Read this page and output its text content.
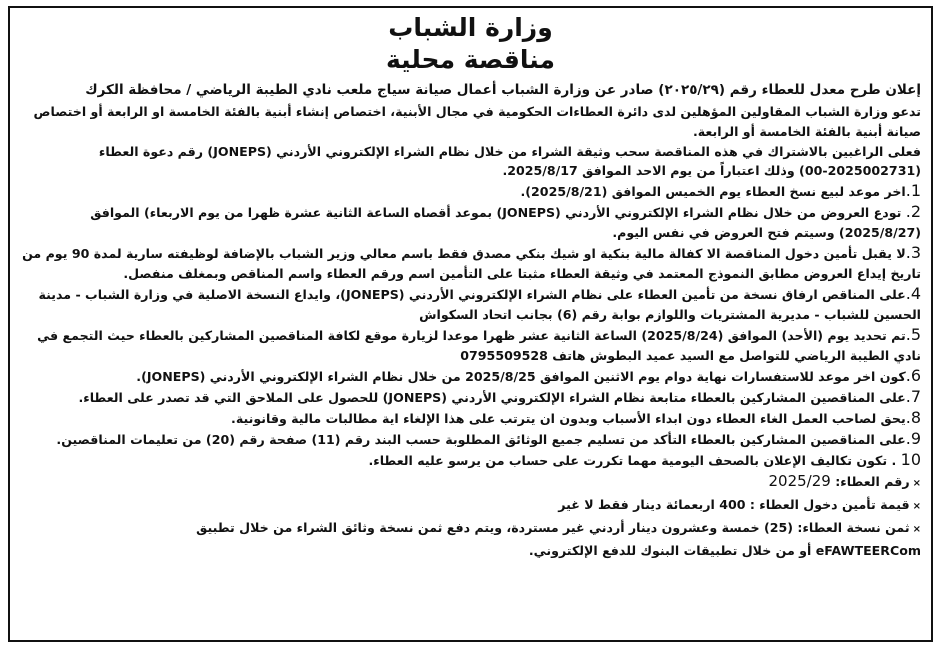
وزارة الشباب
مناقصة محلية
إعلان طرح معدل للعطاء رقم (٢٠٢٥/٢٩) صادر عن وزارة الشباب أعمال صيانة سياج ملعب نادي الطيبة الرياضي / محافظة الكرك
تدعو وزارة الشباب المقاولين المؤهلين لدى دائرة العطاءات الحكومية في مجال الأبنية، اختصاص إنشاء أبنية بالفئة الخامسة او الرابعة أو اختصاص صيانة أبنية بالفئة الخامسة أو الرابعة.
فعلى الراغبين بالاشتراك في هذه المناقصة سحب وثيقة الشراء من خلال نظام الشراء الإلكتروني الأردني (JONEPS) رقم دعوة العطاء (2025002731-00) وذلك اعتباراً من يوم الاحد الموافق 2025/8/17.
1.اخر موعد لبيع نسخ العطاء يوم الخميس الموافق (2025/8/21).
2. تودع العروض من خلال نظام الشراء الإلكتروني الأردني (JONEPS) بموعد أقصاه الساعة الثانية عشرة ظهرا من يوم الاربعاء) الموافق (2025/8/27) وسيتم فتح العروض في نفس اليوم.
3.لا يقبل تأمين دخول المناقصة الا كفالة مالية بنكية او شيك بنكي مصدق فقط باسم معالي وزير الشباب بالإضافة لوظيفته سارية لمدة 90 يوم من تاريخ إيداع العروض مطابق النموذج المعتمد في وثيقة العطاء مثبتا على التأمين اسم ورقم العطاء واسم المناقص وبمغلف منفصل.
4.على المناقص ارفاق نسخة من تأمين العطاء على نظام الشراء الإلكتروني الأردني (JONEPS)، وايداع النسخة الاصلية في وزارة الشباب - مدينة الحسين للشباب - مديرية المشتريات واللوازم بوابة رقم (6) بجانب اتحاد السكواش
5.تم تحديد يوم (الأحد) الموافق (2025/8/24) الساعة الثانية عشر ظهرا موعدا لزيارة موقع لكافة المناقصين المشاركين بالعطاء حيث التجمع في نادي الطيبة الرياضي للتواصل مع السيد عميد البطوش هاتف 0795509528
6.كون اخر موعد للاستفسارات نهاية دوام يوم الاثنين الموافق 2025/8/25 من خلال نظام الشراء الإلكتروني الأردني (JONEPS).
7.على المناقصين المشاركين بالعطاء متابعة نظام الشراء الإلكتروني الأردني (JONEPS) للحصول على الملاحق التي قد تصدر على العطاء.
8.يحق لصاحب العمل الغاء العطاء دون ابداء الأسباب وبدون ان يترتب على هذا الإلغاء اية مطالبات مالية وقانونية.
9.على المناقصين المشاركين بالعطاء التأكد من تسليم جميع الوثائق المطلوبة حسب البند رقم (11) صفحة رقم (20) من تعليمات المناقصين.
10 . تكون تكاليف الإعلان بالصحف اليومية مهما تكررت على حساب من يرسو عليه العطاء.
×رقم العطاء: 2025/29
×قيمة تأمين دخول العطاء : 400 اربعمائة دينار فقط لا غير
×ثمن نسخة العطاء: (25) خمسة وعشرون دينار أردني غير مستردة، ويتم دفع ثمن نسخة وثائق الشراء من خلال تطبيق
eFAWTEERCom أو من خلال تطبيقات البنوك للدفع الإلكتروني.
